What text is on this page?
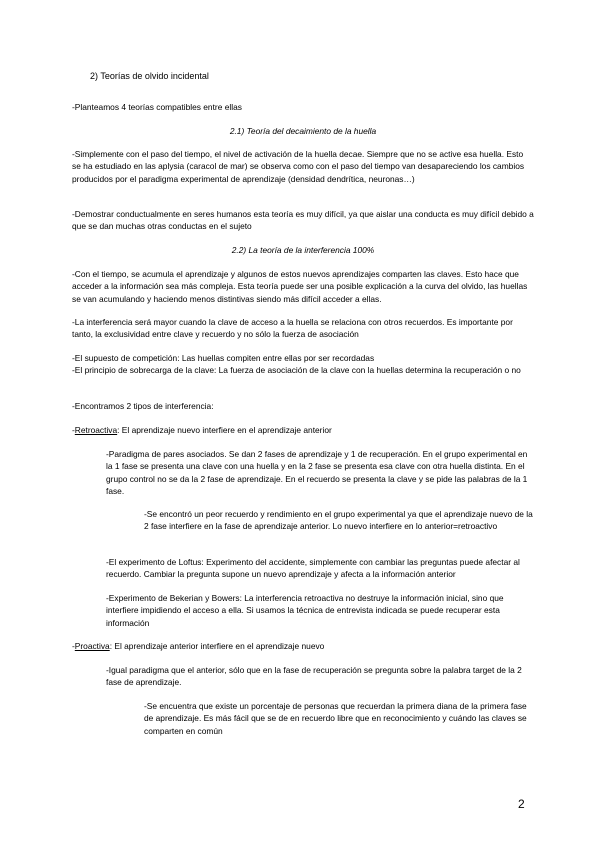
2) Teorías de olvido incidental

-Planteamos 4 teorías compatibles entre ellas

2.1) Teoría del decaimiento de la huella

-Simplemente con el paso del tiempo, el nivel de activación de la huella decae. Siempre que no se active esa huella. Esto se ha estudiado en las aplysia (caracol de mar) se observa como con el paso del tiempo van desapareciendo los cambios producidos por el paradigma experimental de aprendizaje (densidad dendrítica, neuronas…)

-Demostrar conductualmente en seres humanos esta teoría es muy difícil, ya que aislar una conducta es muy difícil debido a que se dan muchas otras conductas en el sujeto

2.2) La teoría de la interferencia 100%

-Con el tiempo, se acumula el aprendizaje y algunos de estos nuevos aprendizajes comparten las claves. Esto hace que acceder a la información sea más compleja. Esta teoría puede ser una posible explicación a la curva del olvido, las huellas se van acumulando y haciendo menos distintivas siendo más difícil acceder a ellas.

-La interferencia será mayor cuando la clave de acceso a la huella se relaciona con otros recuerdos. Es importante por tanto, la exclusividad entre clave y recuerdo y no sólo la fuerza de asociación

-El supuesto de competición: Las huellas compiten entre ellas por ser recordadas

-El principio de sobrecarga de la clave: La fuerza de asociación de la clave con la huellas determina la recuperación o no

-Encontramos 2 tipos de interferencia:

-Retroactiva: El aprendizaje nuevo interfiere en el aprendizaje anterior

-Paradigma de pares asociados. Se dan 2 fases de aprendizaje y 1 de recuperación. En el grupo experimental en la 1 fase se presenta una clave con una huella y en la 2 fase se presenta esa clave con otra huella distinta. En el grupo control no se da la 2 fase de aprendizaje. En el recuerdo se presenta la clave y se pide las palabras de la 1 fase.

-Se encontró un peor recuerdo y rendimiento en el grupo experimental ya que el aprendizaje nuevo de la 2 fase interfiere en la fase de aprendizaje anterior. Lo nuevo interfiere en lo anterior=retroactivo

-El experimento de Loftus: Experimento del accidente, simplemente con cambiar las preguntas puede afectar al recuerdo. Cambiar la pregunta supone un nuevo aprendizaje y afecta a la información anterior

-Experimento de Bekerian y Bowers: La interferencia retroactiva no destruye la información inicial, sino que interfiere impidiendo el acceso a ella. Si usamos la técnica de entrevista indicada se puede recuperar esta información

-Proactiva: El aprendizaje anterior interfiere en el aprendizaje nuevo

-Igual paradigma que el anterior, sólo que en la fase de recuperación se pregunta sobre la palabra target de la 2 fase de aprendizaje.

-Se encuentra que existe un porcentaje de personas que recuerdan la primera diana de la primera fase de aprendizaje. Es más fácil que se de en recuerdo libre que en reconocimiento y cuándo las claves se comparten en común

2
